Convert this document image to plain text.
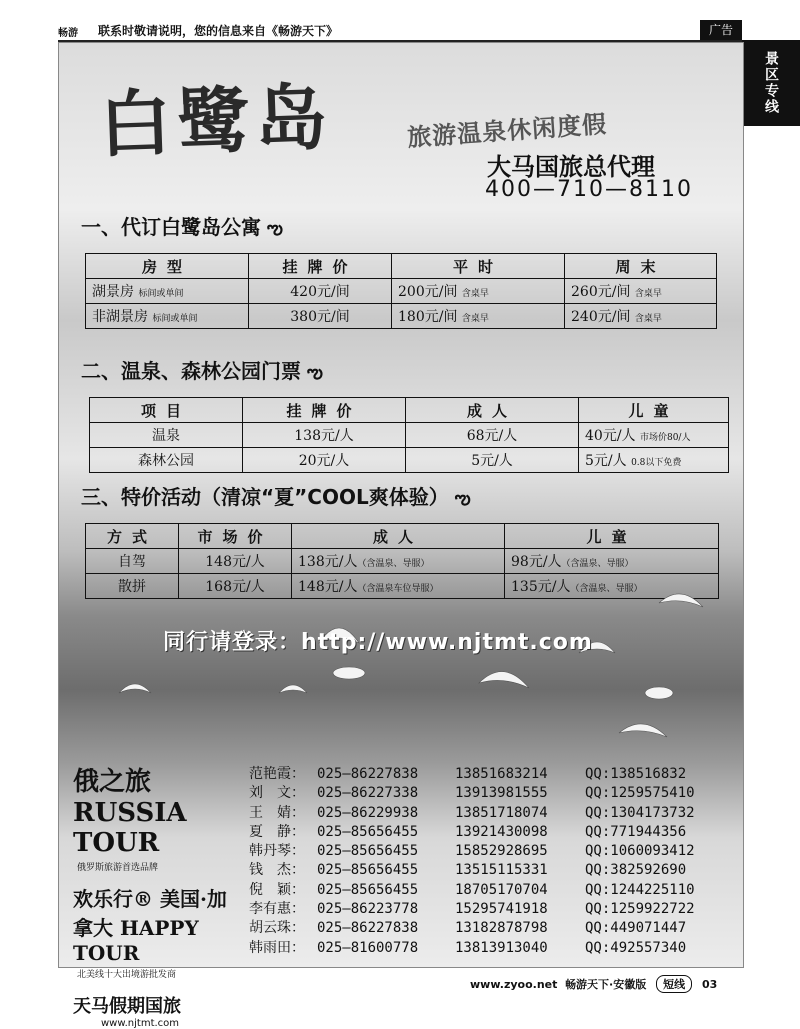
畅游 联系时敬请说明，您的信息来自《畅游天下》	广告
景区专线
白鹭岛	旅游温泉休闲度假
大马国旅总代理
400—710—8110
一、代订白鹭岛公寓 ఌ
房型	挂牌价	平时	周末
湖景房 标间或单间	420元/间	200元/间 含桌早	260元/间 含桌早
非湖景房 标间或单间	380元/间	180元/间 含桌早	240元/间 含桌早
二、温泉、森林公园门票 ఌ
项目	挂牌价	成人	儿童
温泉	138元/人	68元/人	40元/人 市场价80/人
森林公园	20元/人	5元/人	5元/人 0.8以下免费
三、特价活动（清凉“夏”COOL爽体验） ఌ
方式	市场价	成人	儿童
自驾	148元/人	138元/人（含温泉、导服）	98元/人（含温泉、导服）
散拼	168元/人	148元/人（含温泉车位导服）	135元/人（含温泉、导服）
同行请登录：http://www.njtmt.com
俄之旅 RUSSIA TOUR
俄罗斯旅游首选品牌
欢乐行® 美国·加拿大 HAPPY TOUR
北美线十大出境游批发商
天马假期国旅
www.njtmt.com
范艳霞： 025—86227838	13851683214	QQ:138516832
刘　文： 025—86227338	13913981555	QQ:1259575410
王　婧： 025—86229938	13851718074	QQ:1304173732
夏　静： 025—85656455	13921430098	QQ:771944356
韩丹琴： 025—85656455	15852928695	QQ:1060093412
钱　杰： 025—85656455	13515115331	QQ:382592690
倪　颖： 025—85656455	18705170704	QQ:1244225110
李有惠： 025—86223778	15295741918	QQ:1259922722
胡云珠： 025—86227838	13182878798	QQ:449071447
韩雨田： 025—81600778	13813913040	QQ:492557340
www.zyoo.net 畅游天下·安徽版 短线 03
